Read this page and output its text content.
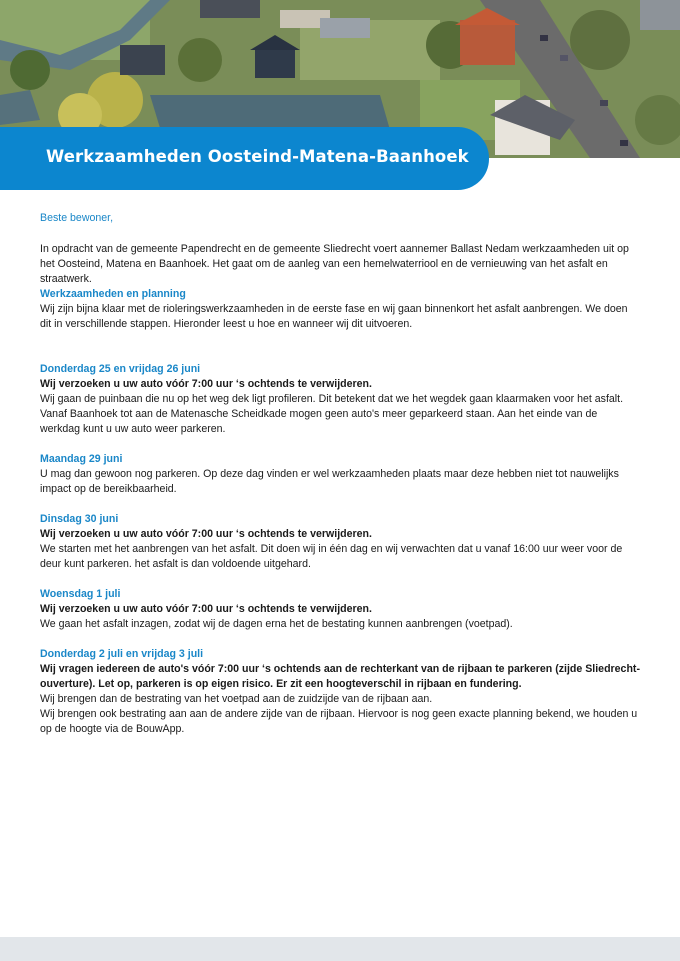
Werkzaamheden Oosteind-Matena-Baanhoek

Beste bewoner,

In opdracht van de gemeente Papendrecht en de gemeente Sliedrecht voert aannemer Ballast Nedam werkzaamheden uit op het Oosteind, Matena en Baanhoek. Het gaat om de aanleg van een hemelwaterriool en de vernieuwing van het asfalt en straatwerk.

Werkzaamheden en planning

Wij zijn bijna klaar met de rioleringswerkzaamheden in de eerste fase en wij gaan binnenkort het asfalt aanbrengen. We doen dit in verschillende stappen. Hieronder leest u hoe en wanneer wij dit uitvoeren.

Donderdag 25 en vrijdag 26 juni

Wij verzoeken u uw auto vóór 7:00 uur ‘s ochtends te verwijderen.

Wij gaan de puinbaan die nu op het weg dek ligt profileren. Dit betekent dat we het wegdek gaan klaarmaken voor het asfalt. Vanaf Baanhoek tot aan de Matenasche Scheidkade mogen geen auto's meer geparkeerd staan. Aan het einde van de werkdag kunt u uw auto weer parkeren.

Maandag 29 juni

U mag dan gewoon nog parkeren. Op deze dag vinden er wel werkzaamheden plaats maar deze hebben niet tot nauwelijks impact op de bereikbaarheid.

Dinsdag 30 juni

Wij verzoeken u uw auto vóór 7:00 uur ‘s ochtends te verwijderen.

We starten met het aanbrengen van het asfalt. Dit doen wij in één dag en wij verwachten dat u vanaf 16:00 uur weer voor de deur kunt parkeren. het asfalt is dan voldoende uitgehard.

Woensdag 1 juli

Wij verzoeken u uw auto vóór 7:00 uur ‘s ochtends te verwijderen.

We gaan het asfalt inzagen, zodat wij de dagen erna het de bestating kunnen aanbrengen (voetpad).

Donderdag 2 juli en vrijdag 3 juli

Wij vragen iedereen de auto's vóór 7:00 uur ‘s ochtends aan de rechterkant van de rijbaan te parkeren (zijde Sliedrecht-ouverture). Let op, parkeren is op eigen risico. Er zit een hoogteverschil in rijbaan en fundering.

Wij brengen dan de bestrating van het voetpad aan de zuidzijde van de rijbaan aan.

Wij brengen ook bestrating aan aan de andere zijde van de rijbaan. Hiervoor is nog geen exacte planning bekend, we houden u op de hoogte via de BouwApp.
